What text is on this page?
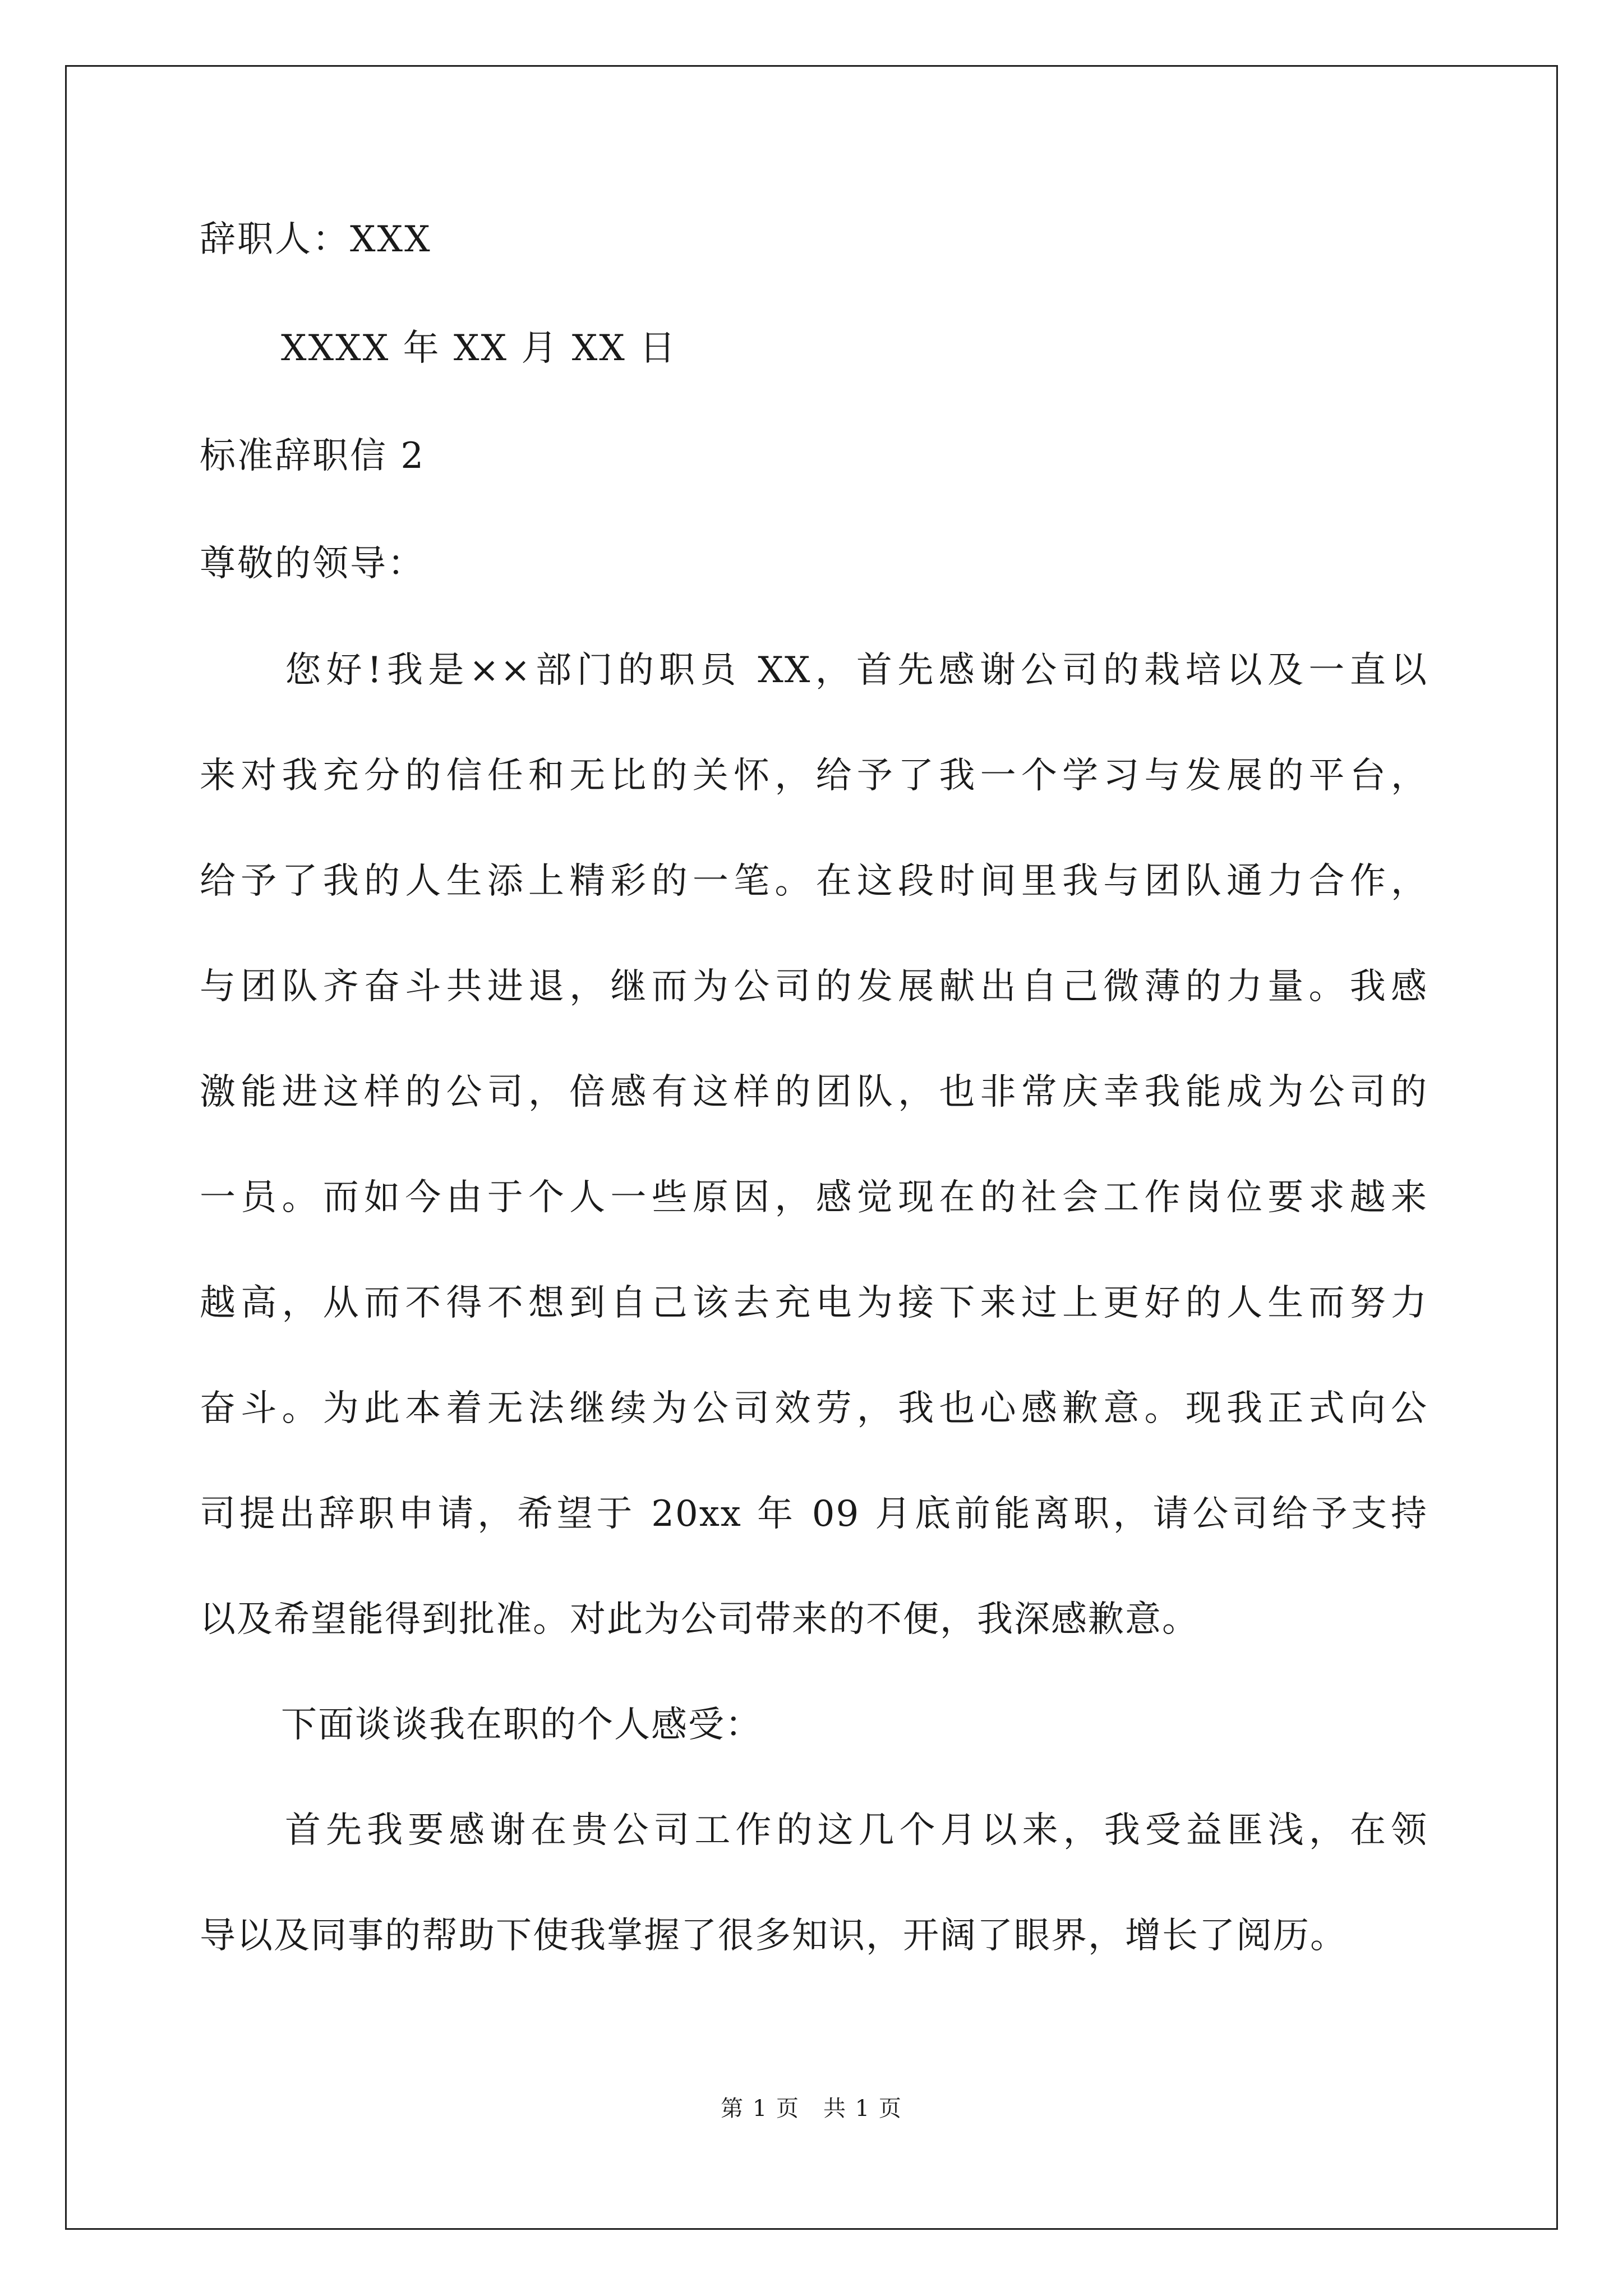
辞职人：XXX
XXXX 年 XX 月 XX 日
标准辞职信 2
尊敬的领导：
您好!我是××部门的职员 XX，首先感谢公司的栽培以及一直以
来对我充分的信任和无比的关怀，给予了我一个学习与发展的平台，
给予了我的人生添上精彩的一笔。在这段时间里我与团队通力合作，
与团队齐奋斗共进退，继而为公司的发展献出自己微薄的力量。我感
激能进这样的公司，倍感有这样的团队，也非常庆幸我能成为公司的
一员。而如今由于个人一些原因，感觉现在的社会工作岗位要求越来
越高，从而不得不想到自己该去充电为接下来过上更好的人生而努力
奋斗。为此本着无法继续为公司效劳，我也心感歉意。现我正式向公
司提出辞职申请，希望于 20xx 年 09 月底前能离职，请公司给予支持
以及希望能得到批准。对此为公司带来的不便，我深感歉意。
下面谈谈我在职的个人感受：
首先我要感谢在贵公司工作的这几个月以来，我受益匪浅，在领
导以及同事的帮助下使我掌握了很多知识，开阔了眼界，增长了阅历。
第 1 页　共 1 页
